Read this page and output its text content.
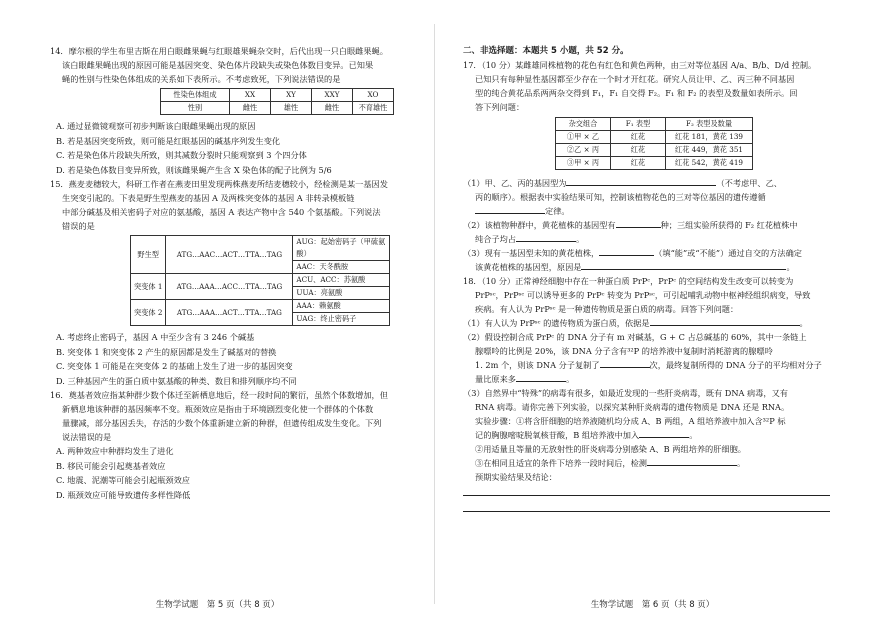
14．摩尔根的学生布里吉斯在用白眼雌果蝇与红眼雄果蝇杂交时，后代出现一只白眼雌果蝇。

该白眼雌果蝇出现的原因可能是基因突变、染色体片段缺失或染色体数目变异。已知果

蝇的性别与性染色体组成的关系如下表所示。不考虑致死，下列说法错误的是

性染色体组成	XX	XY	XXY	XO
性别	雌性	雄性	雌性	不育雄性

A. 通过显微镜观察可初步判断该白眼雌果蝇出现的原因

B. 若是基因突变所致，则可能是红眼基因的碱基序列发生变化

C. 若是染色体片段缺失所致，则其减数分裂时只能观察到 3 个四分体

D. 若是染色体数目变异所致，则该雌果蝇产生含 X 染色体的配子比例为 5/6

15．燕麦麦穗较大，科研工作者在燕麦田里发现两株燕麦所结麦穗较小，经检测是某一基因发

生突变引起的。下表是野生型燕麦的基因 A 及两株突变体的基因 A 非转录模板链

中部分碱基及相关密码子对应的氨基酸，基因 A 表达产物中含 540 个氨基酸。下列说法

错误的是

野生型	ATG…AAC…ACT…TTA…TAG	AUG：起始密码子（甲硫氨酸）
		AAC：天冬酰胺
突变体 1	ATG…AAA…ACC…TTA…TAG	ACU、ACC：苏氨酸
		UUA：亮氨酸
突变体 2	ATG…AAA…ACT…TTA…TAG	AAA：赖氨酸
		UAG：终止密码子

A. 考虑终止密码子，基因 A 中至少含有 3 246 个碱基

B. 突变体 1 和突变体 2 产生的原因都是发生了碱基对的替换

C. 突变体 1 可能是在突变体 2 的基础上发生了进一步的基因突变

D. 三种基因产生的蛋白质中氨基酸的种类、数目和排列顺序均不同

16．奠基者效应指某种群少数个体迁至新栖息地后，经一段时间的繁衍，虽然个体数增加，但

新栖息地该种群的基因频率不变。瓶颈效应是指由于环境剧烈变化使一个群体的个体数

量骤减，部分基因丢失，存活的少数个体重新建立新的种群，但遗传组成发生变化。下列

说法错误的是

A. 两种效应中种群均发生了进化

B. 移民可能会引起奠基者效应

C. 地震、泥潮等可能会引起瓶颈效应

D. 瓶颈效应可能导致遗传多样性降低

生物学试题　第 5 页（共 8 页）

二、非选择题：本题共 5 小题，共 52 分。

17．（10 分）某雌雄同株植物的花色有红色和黄色两种，由三对等位基因 A/a、B/b、D/d 控制。

已知只有每种显性基因都至少存在一个时才开红花。研究人员让甲、乙、丙三种不同基因

型的纯合黄花品系两两杂交得到 F₁，F₁ 自交得 F₂。F₁ 和 F₂ 的表型及数量如表所示。回

答下列问题：

杂交组合	F₁ 表型	F₂ 表型及数量
①甲 × 乙	红花	红花 181，黄花 139
②乙 × 丙	红花	红花 449，黄花 351
③甲 × 丙	红花	红花 542，黄花 419

（1）甲、乙、丙的基因型为	（不考虑甲、乙、

丙的顺序）。根据表中实验结果可知，控制该植物花色的三对等位基因的遗传遵循

定律。

（2）该植物种群中，黄花植株的基因型有	种；三组实验所获得的 F₂ 红花植株中

纯合子均占	。

（3）现有一基因型未知的黄花植株，	（填“能”或“不能”）通过自交的方法确定

该黄花植株的基因型，原因是	。

18．（10 分）正常神经细胞中存在一种蛋白质 PrPᶜ，PrPᶜ 的空间结构发生改变可以转变为

PrPˢᶜ，PrPˢᶜ 可以诱导更多的 PrPᶜ 转变为 PrPˢᶜ，可引起哺乳动物中枢神经组织病变，导致

疾病。有人认为 PrPˢᶜ 是一种遗传物质是蛋白质的病毒。回答下列问题：

（1）有人认为 PrPˢᶜ 的遗传物质为蛋白质，依据是	。

（2）假设控制合成 PrPᶜ 的 DNA 分子有 m 对碱基，G + C 占总碱基的 60%，其中一条链上

腺嘌呤的比例是 20%，该 DNA 分子含有³²P 的培养液中复制时消耗游离的腺嘌呤

1. 2m 个，则该 DNA 分子复制了	次，最终复制所得的 DNA 分子的平均相对分子

量比原来多	。

（3）自然界中“特殊”的病毒有很多，如最近发现的一些肝炎病毒，既有 DNA 病毒，又有

RNA 病毒。请你完善下列实验，以探究某种肝炎病毒的遗传物质是 DNA 还是 RNA。

实验步骤：①将含肝细胞的培养液随机均分成 A、B 两组，A 组培养液中加入含³²P 标

记的胸腺嘧啶脱氧核苷酸，B 组培养液中加入	。

②用适量且等量的无放射性的肝炎病毒分别感染 A、B 两组培养的肝细胞。

③在相同且适宜的条件下培养一段时间后，检测	。

预期实验结果及结论：

生物学试题　第 6 页（共 8 页）
